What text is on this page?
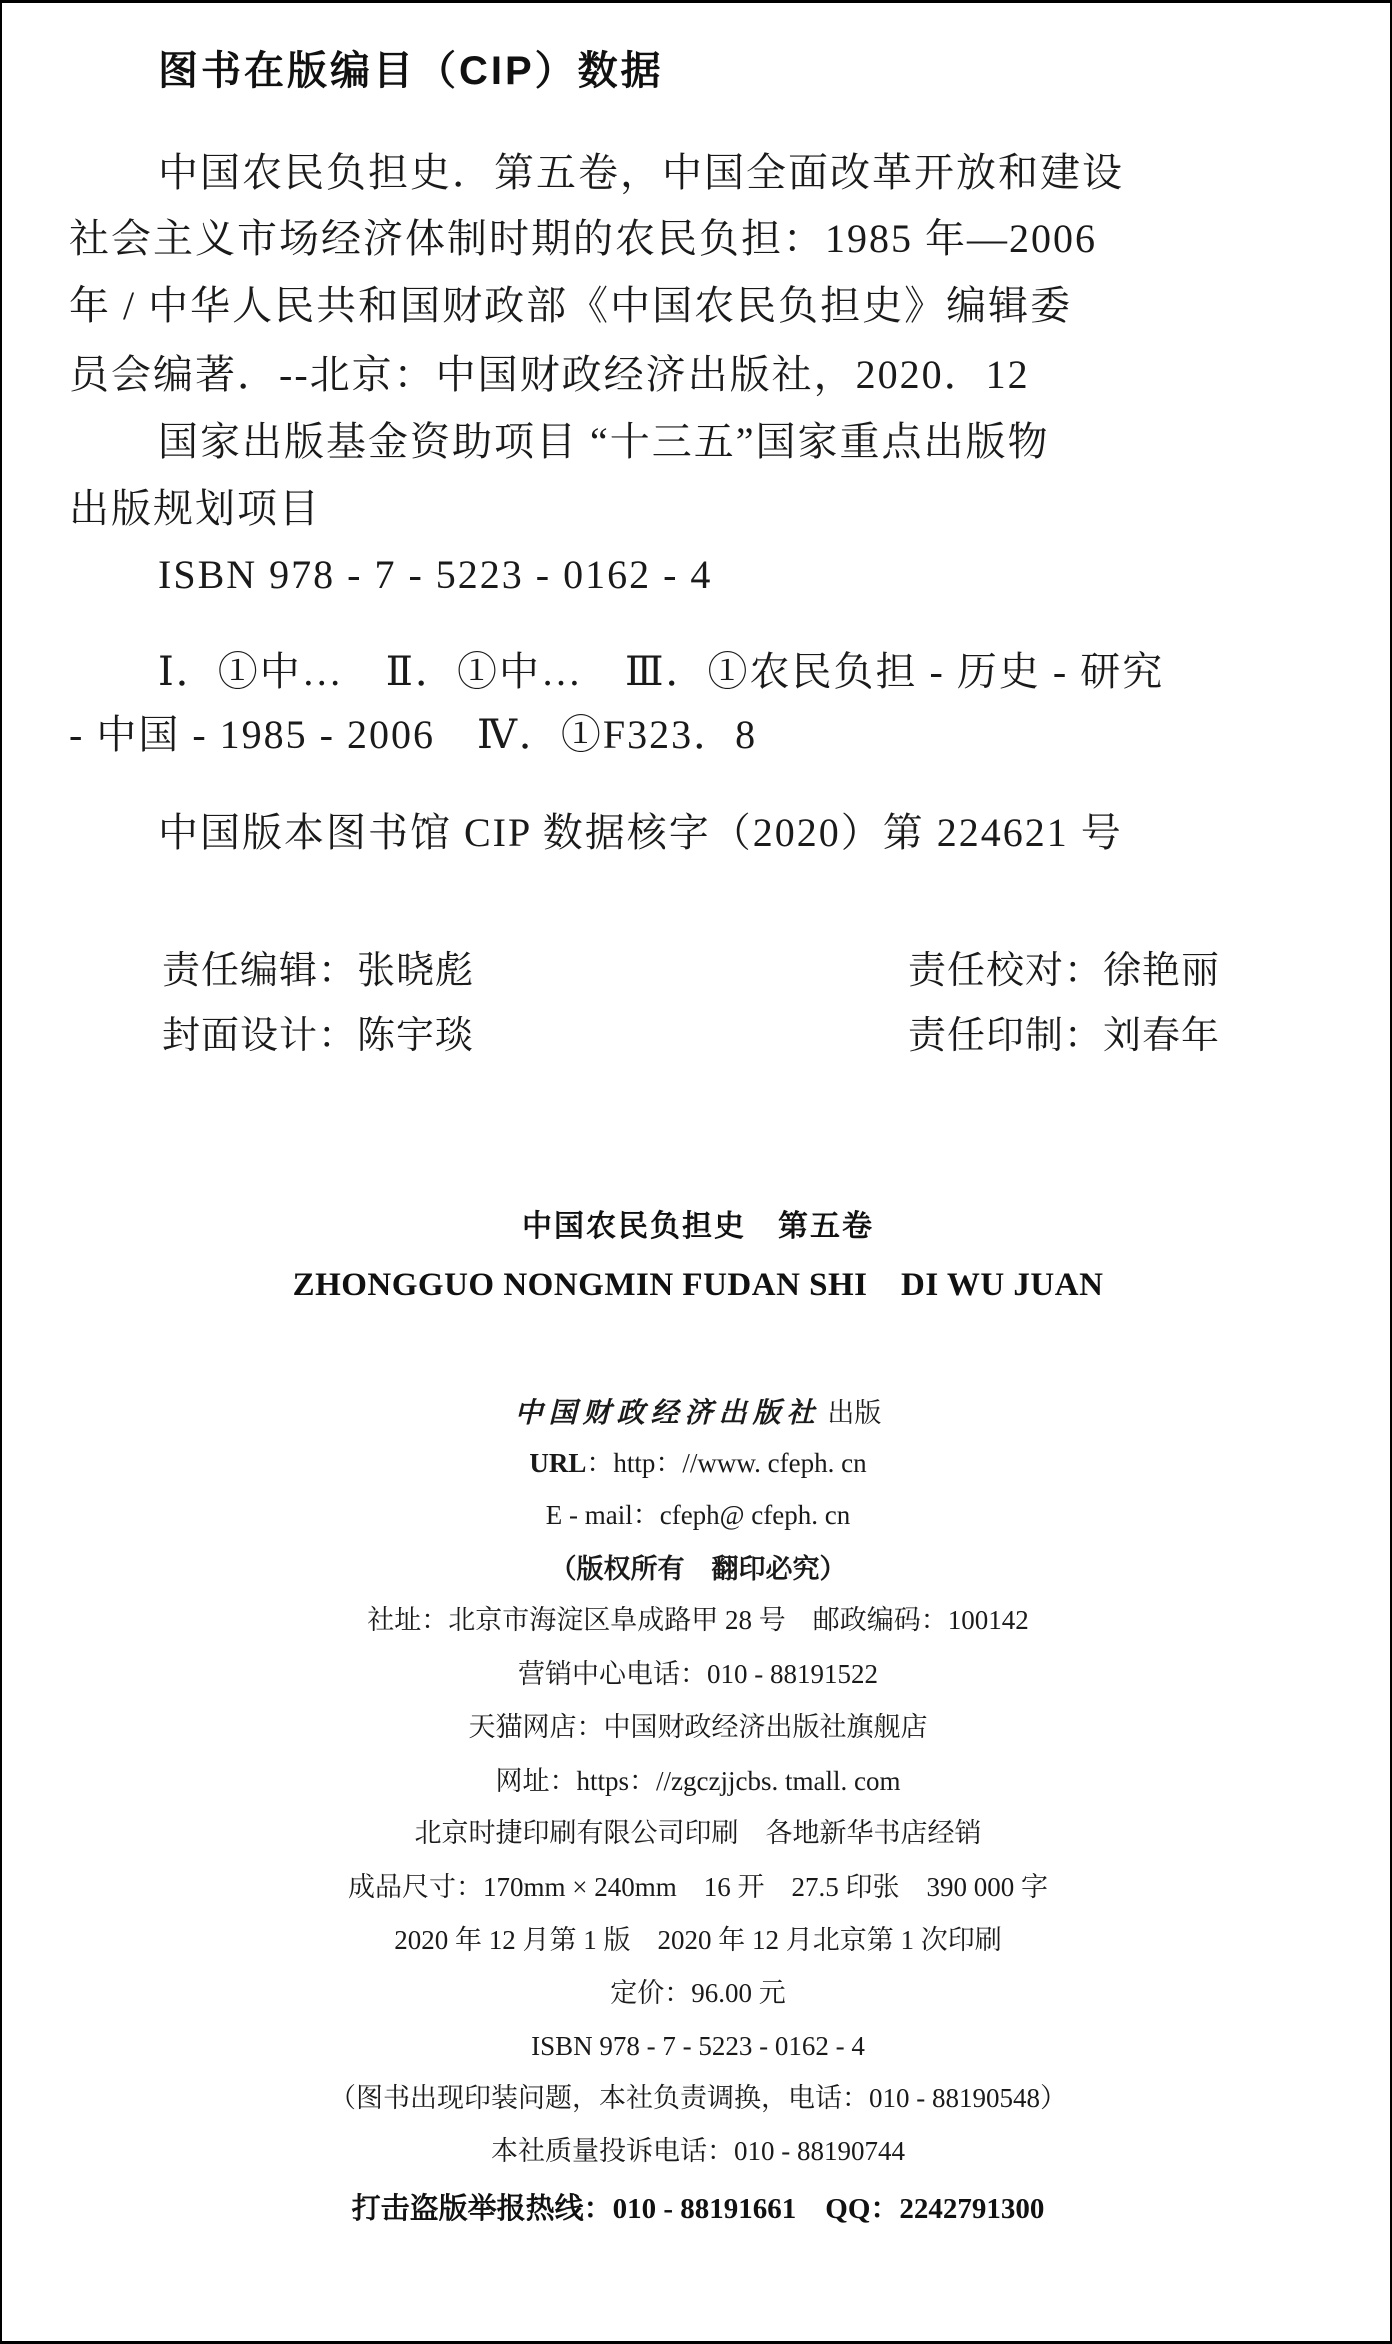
图书在版编目（CIP）数据
中国农民负担史．第五卷，中国全面改革开放和建设
社会主义市场经济体制时期的农民负担：1985 年—2006
年 / 中华人民共和国财政部《中国农民负担史》编辑委
员会编著．--北京：中国财政经济出版社，2020．12
国家出版基金资助项目 “十三五”国家重点出版物
出版规划项目
ISBN 978 - 7 - 5223 - 0162 - 4
Ⅰ．①中…　Ⅱ．①中…　Ⅲ．①农民负担 - 历史 - 研究
- 中国 - 1985 - 2006　Ⅳ．①F323．8
中国版本图书馆 CIP 数据核字（2020）第 224621 号
责任编辑：张晓彪	责任校对：徐艳丽
封面设计：陈宇琰	责任印制：刘春年
中国农民负担史　第五卷
ZHONGGUO NONGMIN FUDAN SHI　DI WU JUAN
中国财政经济出版社 出版
URL：http：//www. cfeph. cn
E - mail：cfeph@ cfeph. cn
（版权所有　翻印必究）
社址：北京市海淀区阜成路甲 28 号　邮政编码：100142
营销中心电话：010 - 88191522
天猫网店：中国财政经济出版社旗舰店
网址：https：//zgczjjcbs. tmall. com
北京时捷印刷有限公司印刷　各地新华书店经销
成品尺寸：170mm × 240mm　16 开　27.5 印张　390 000 字
2020 年 12 月第 1 版　2020 年 12 月北京第 1 次印刷
定价：96.00 元
ISBN 978 - 7 - 5223 - 0162 - 4
（图书出现印装问题，本社负责调换，电话：010 - 88190548）
本社质量投诉电话：010 - 88190744
打击盗版举报热线：010 - 88191661　QQ：2242791300
